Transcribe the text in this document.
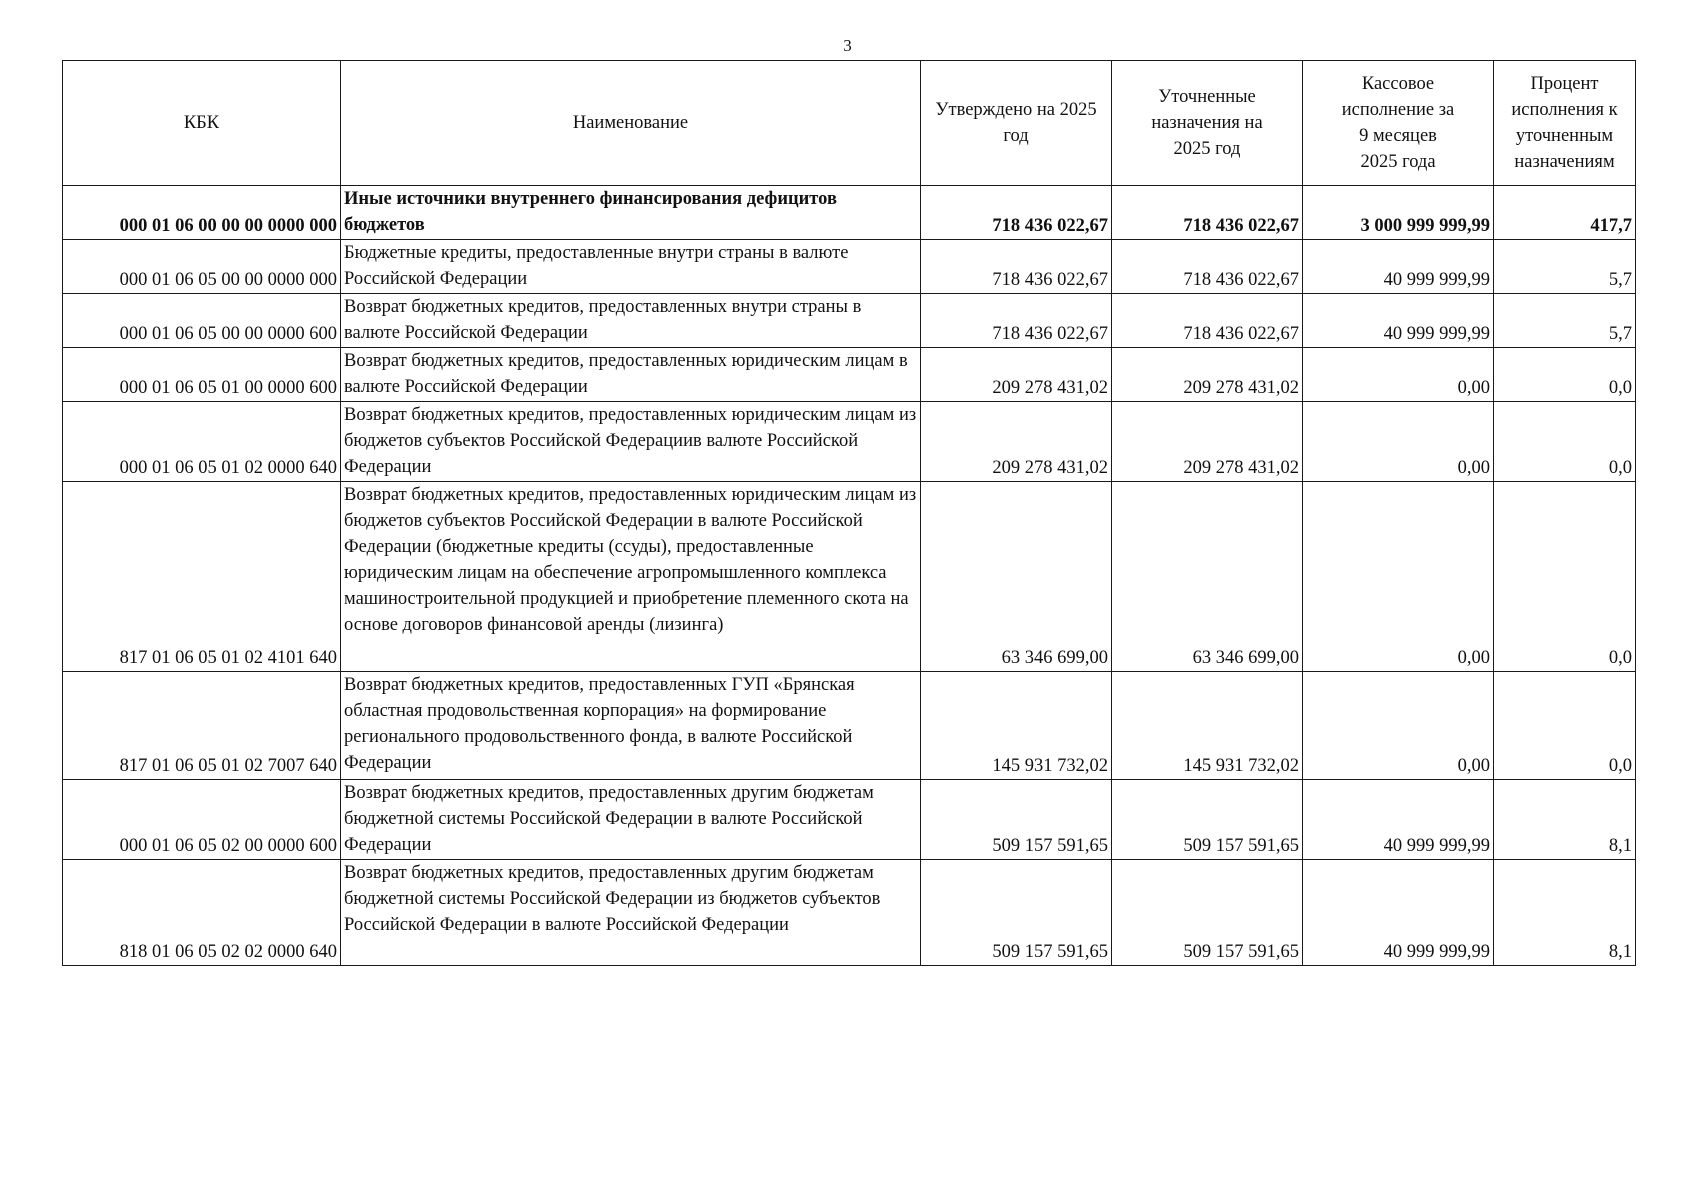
3
КБК	Наименование	Утверждено на 2025 год	Уточненные назначения на 2025 год	Кассовое исполнение за 9 месяцев 2025 года	Процент исполнения к уточненным назначениям
000 01 06 00 00 00 0000 000	Иные источники внутреннего финансирования дефицитов бюджетов	718 436 022,67	718 436 022,67	3 000 999 999,99	417,7
000 01 06 05 00 00 0000 000	Бюджетные кредиты, предоставленные внутри страны в валюте Российской Федерации	718 436 022,67	718 436 022,67	40 999 999,99	5,7
000 01 06 05 00 00 0000 600	Возврат бюджетных кредитов, предоставленных внутри страны в валюте Российской Федерации	718 436 022,67	718 436 022,67	40 999 999,99	5,7
000 01 06 05 01 00 0000 600	Возврат бюджетных кредитов, предоставленных юридическим лицам в валюте Российской Федерации	209 278 431,02	209 278 431,02	0,00	0,0
000 01 06 05 01 02 0000 640	Возврат бюджетных кредитов, предоставленных юридическим лицам из бюджетов субъектов Российской Федерациив валюте Российской Федерации	209 278 431,02	209 278 431,02	0,00	0,0
817 01 06 05 01 02 4101 640	Возврат бюджетных кредитов, предоставленных юридическим лицам из бюджетов субъектов Российской Федерации в валюте Российской Федерации (бюджетные кредиты (ссуды), предоставленные юридическим лицам на обеспечение агропромышленного комплекса машиностроительной продукцией и приобретение племенного скота на основе договоров финансовой аренды (лизинга)	63 346 699,00	63 346 699,00	0,00	0,0
817 01 06 05 01 02 7007 640	Возврат бюджетных кредитов, предоставленных ГУП «Брянская областная продовольственная корпорация» на формирование регионального продовольственного фонда, в валюте Российской Федерации	145 931 732,02	145 931 732,02	0,00	0,0
000 01 06 05 02 00 0000 600	Возврат бюджетных кредитов, предоставленных другим бюджетам бюджетной системы Российской Федерации в валюте Российской Федерации	509 157 591,65	509 157 591,65	40 999 999,99	8,1
818 01 06 05 02 02 0000 640	Возврат бюджетных кредитов, предоставленных другим бюджетам бюджетной системы Российской Федерации из бюджетов субъектов Российской Федерации в валюте Российской Федерации	509 157 591,65	509 157 591,65	40 999 999,99	8,1
